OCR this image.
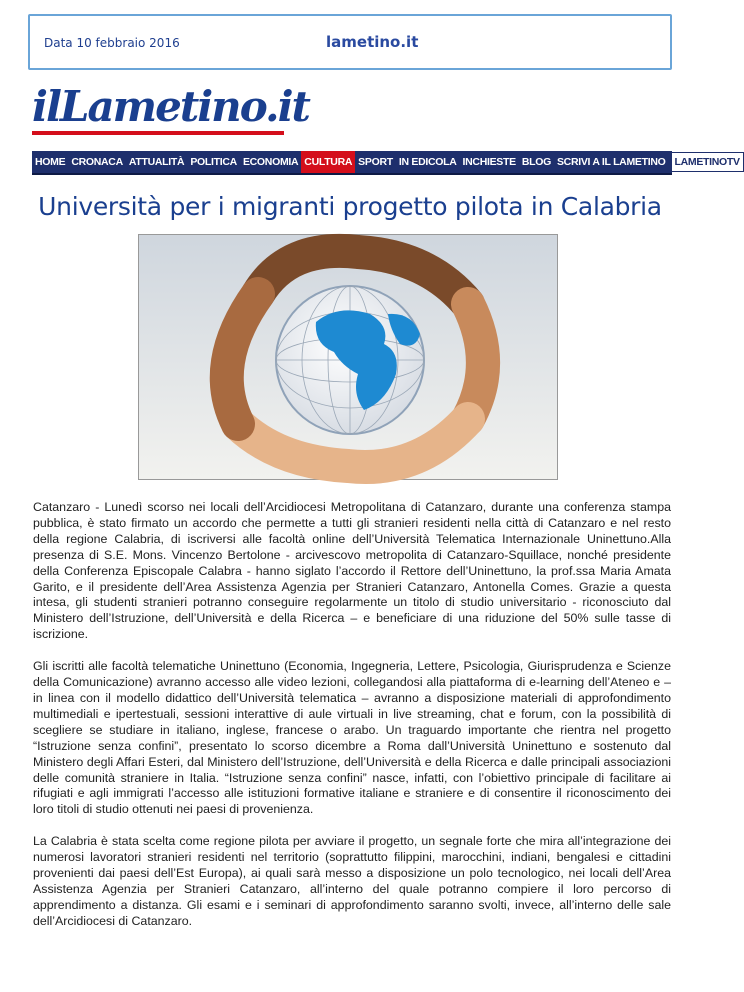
Data 10 febbraio 2016	lametino.it
ilLametino.it
HOME CRONACA ATTUALITÀ POLITICA ECONOMIA CULTURA SPORT IN EDICOLA INCHIESTE BLOG SCRIVI A IL LAMETINO LAMETINOTV
Università per i migranti progetto pilota in Calabria

Catanzaro - Lunedì scorso nei locali dell’Arcidiocesi Metropolitana di Catanzaro, durante una conferenza stampa pubblica, è stato firmato un accordo che permette a tutti gli stranieri residenti nella città di Catanzaro e nel resto della regione Calabria, di iscriversi alle facoltà online dell’Università Telematica Internazionale Uninettuno.Alla presenza di S.E. Mons. Vincenzo Bertolone - arcivescovo metropolita di Catanzaro-Squillace, nonché presidente della Conferenza Episcopale Calabra - hanno siglato l’accordo il Rettore dell’Uninettuno, la prof.ssa Maria Amata Garito, e il presidente dell’Area Assistenza Agenzia per Stranieri Catanzaro, Antonella Comes. Grazie a questa intesa, gli studenti stranieri potranno conseguire regolarmente un titolo di studio universitario - riconosciuto dal Ministero dell’Istruzione, dell’Università e della Ricerca – e beneficiare di una riduzione del 50% sulle tasse di iscrizione.

Gli iscritti alle facoltà telematiche Uninettuno (Economia, Ingegneria, Lettere, Psicologia, Giurisprudenza e Scienze della Comunicazione) avranno accesso alle video lezioni, collegandosi alla piattaforma di e-learning dell’Ateneo e – in linea con il modello didattico dell’Università telematica – avranno a disposizione materiali di approfondimento multimediali e ipertestuali, sessioni interattive di aule virtuali in live streaming, chat e forum, con la possibilità di scegliere se studiare in italiano, inglese, francese o arabo. Un traguardo importante che rientra nel progetto “Istruzione senza confini”, presentato lo scorso dicembre a Roma dall’Università Uninettuno e sostenuto dal Ministero degli Affari Esteri, dal Ministero dell’Istruzione, dell’Università e della Ricerca e dalle principali associazioni delle comunità straniere in Italia. “Istruzione senza confini” nasce, infatti, con l’obiettivo principale di facilitare ai rifugiati e agli immigrati l’accesso alle istituzioni formative italiane e straniere e di consentire il riconoscimento dei loro titoli di studio ottenuti nei paesi di provenienza.

La Calabria è stata scelta come regione pilota per avviare il progetto, un segnale forte che mira all’integrazione dei numerosi lavoratori stranieri residenti nel territorio (soprattutto filippini, marocchini, indiani, bengalesi e cittadini provenienti dai paesi dell’Est Europa), ai quali sarà messo a disposizione un polo tecnologico, nei locali dell’Area Assistenza Agenzia per Stranieri Catanzaro, all’interno del quale potranno compiere il loro percorso di apprendimento a distanza. Gli esami e i seminari di approfondimento saranno svolti, invece, all’interno delle sale dell’Arcidiocesi di Catanzaro.
